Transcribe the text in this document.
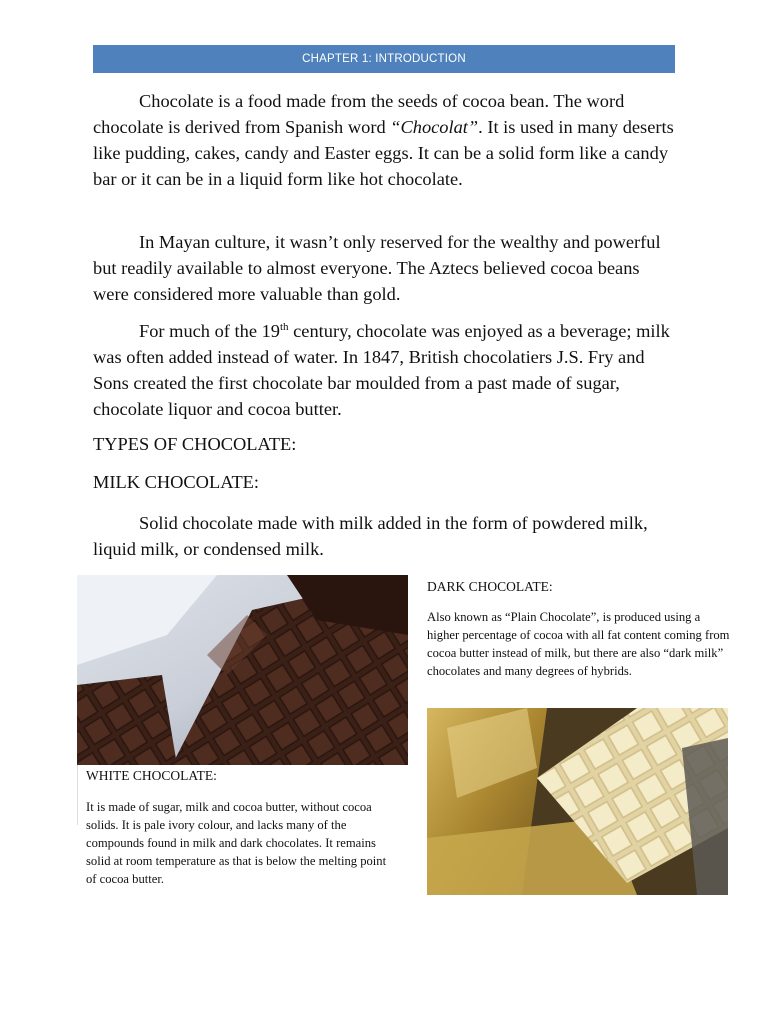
CHAPTER 1: INTRODUCTION

Chocolate is a food made from the seeds of cocoa bean. The word chocolate is derived from Spanish word “Chocolat”. It is used in many deserts like pudding, cakes, candy and Easter eggs. It can be a solid form like a candy bar or it can be in a liquid form like hot chocolate.

In Mayan culture, it wasn’t only reserved for the wealthy and powerful but readily available to almost everyone. The Aztecs believed cocoa beans were considered more valuable than gold.

For much of the 19th century, chocolate was enjoyed as a beverage; milk was often added instead of water. In 1847, British chocolatiers J.S. Fry and Sons created the first chocolate bar moulded from a past made of sugar, chocolate liquor and cocoa butter.

TYPES OF CHOCOLATE:

MILK CHOCOLATE:

Solid chocolate made with milk added in the form of powdered milk, liquid milk, or condensed milk.

WHITE CHOCOLATE:

It is made of sugar, milk and cocoa butter, without cocoa solids. It is pale ivory colour, and lacks many of the compounds found in milk and dark chocolates. It remains solid at room temperature as that is below the melting point of cocoa butter.

DARK CHOCOLATE:

Also known as “Plain Chocolate”, is produced using a higher percentage of cocoa with all fat content coming from cocoa butter instead of milk, but there are also “dark milk” chocolates and many degrees of hybrids.
